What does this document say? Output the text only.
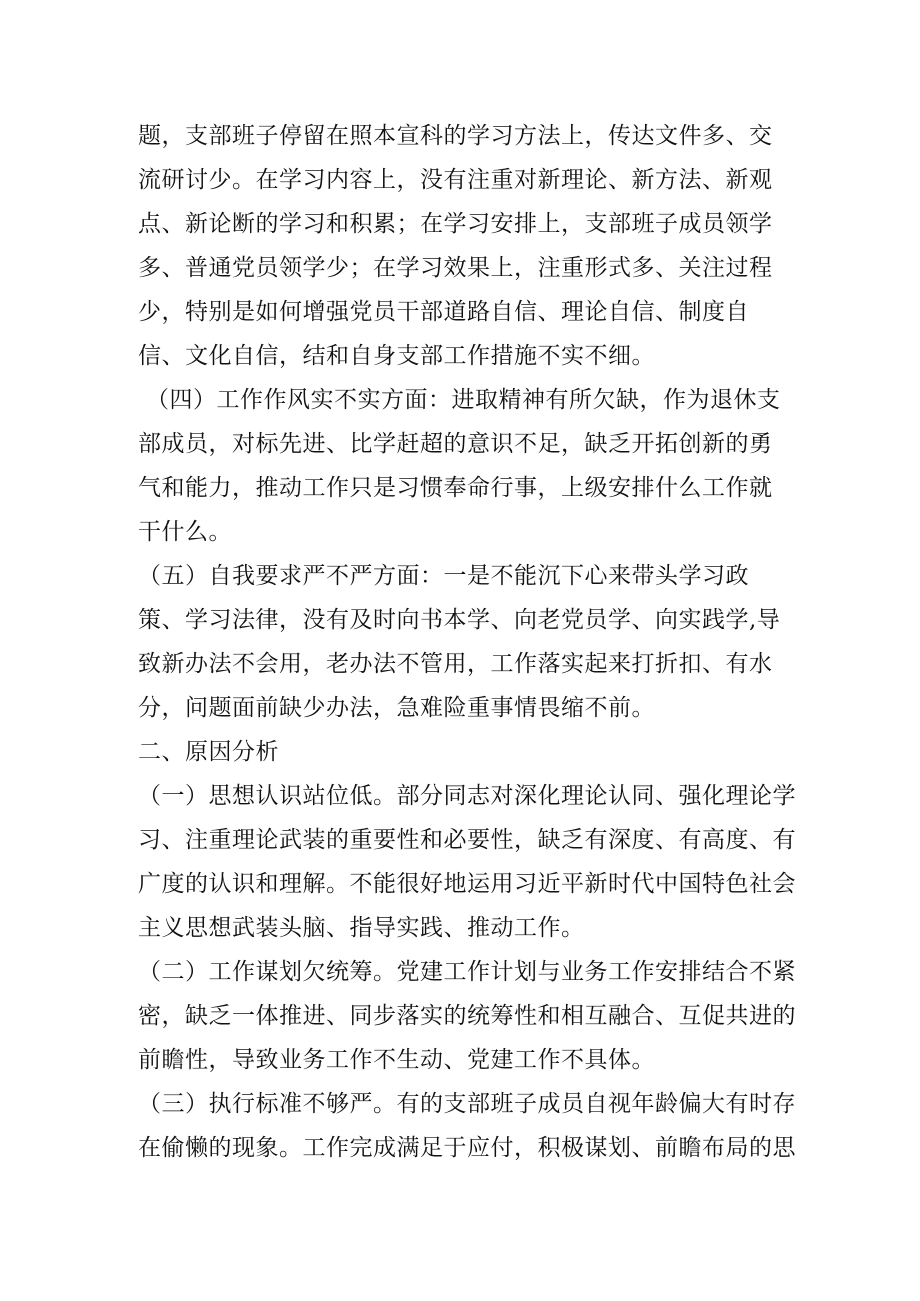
题，支部班子停留在照本宣科的学习方法上，传达文件多、交
流研讨少。在学习内容上，没有注重对新理论、新方法、新观
点、新论断的学习和积累；在学习安排上，支部班子成员领学
多、普通党员领学少；在学习效果上，注重形式多、关注过程
少，特别是如何增强党员干部道路自信、理论自信、制度自
信、文化自信，结和自身支部工作措施不实不细。
（四）工作作风实不实方面：进取精神有所欠缺，作为退休支
部成员，对标先进、比学赶超的意识不足，缺乏开拓创新的勇
气和能力，推动工作只是习惯奉命行事，上级安排什么工作就
干什么。
（五）自我要求严不严方面：一是不能沉下心来带头学习政
策、学习法律，没有及时向书本学、向老党员学、向实践学,导
致新办法不会用，老办法不管用，工作落实起来打折扣、有水
分，问题面前缺少办法，急难险重事情畏缩不前。
二、原因分析
（一）思想认识站位低。部分同志对深化理论认同、强化理论学
习、注重理论武装的重要性和必要性，缺乏有深度、有高度、有
广度的认识和理解。不能很好地运用习近平新时代中国特色社会
主义思想武装头脑、指导实践、推动工作。
（二）工作谋划欠统筹。党建工作计划与业务工作安排结合不紧
密，缺乏一体推进、同步落实的统筹性和相互融合、互促共进的
前瞻性，导致业务工作不生动、党建工作不具体。
（三）执行标准不够严。有的支部班子成员自视年龄偏大有时存
在偷懒的现象。工作完成满足于应付，积极谋划、前瞻布局的思
